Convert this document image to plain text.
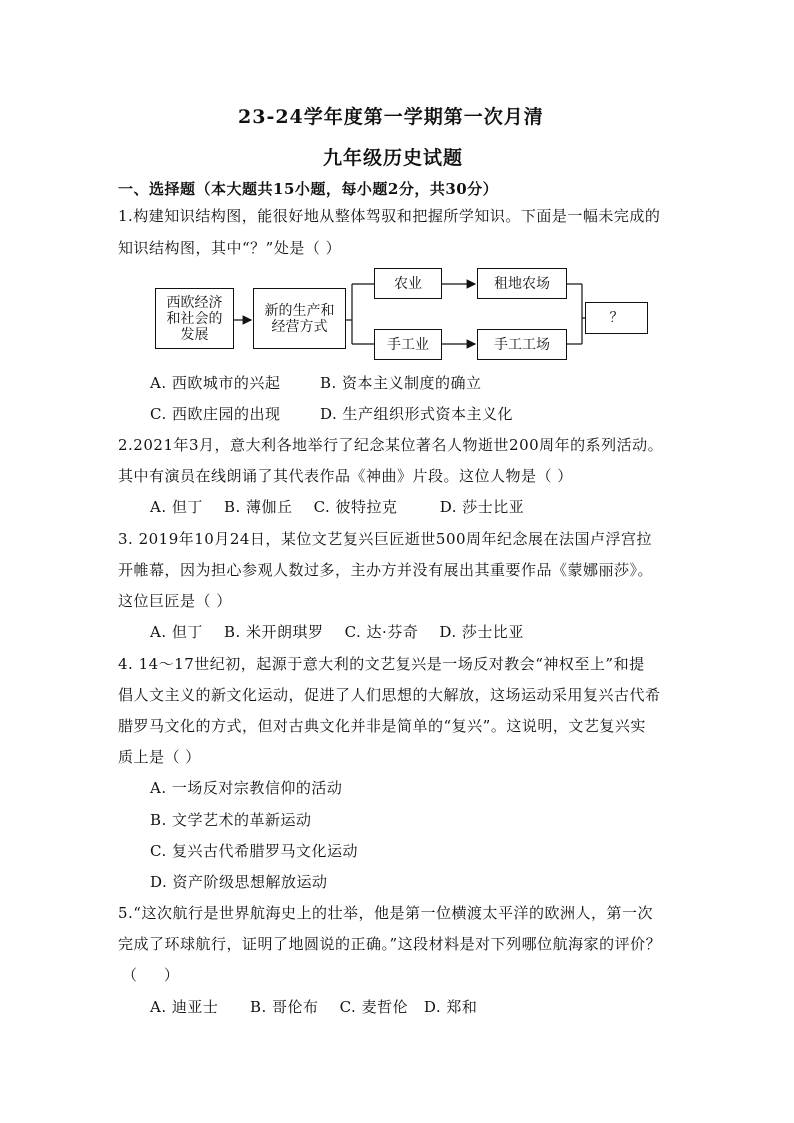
23-24学年度第一学期第一次月清
九年级历史试题
一、选择题（本大题共15小题，每小题2分，共30分）
1.构建知识结构图，能很好地从整体驾驭和把握所学知识。下面是一幅未完成的
知识结构图，其中“？”处是（ ）
西欧经济
和社会的
发展
新的生产和
经营方式
农业
手工业
租地农场
手工工场
？
A. 西欧城市的兴起	B. 资本主义制度的确立
C. 西欧庄园的出现	D. 生产组织形式资本主义化
2.2021年3月，意大利各地举行了纪念某位著名人物逝世200周年的系列活动。
其中有演员在线朗诵了其代表作品《神曲》片段。这位人物是（ ）
A. 但丁    B. 薄伽丘    C. 彼特拉克        D. 莎士比亚
3. 2019年10月24日，某位文艺复兴巨匠逝世500周年纪念展在法国卢浮宫拉
开帷幕，因为担心参观人数过多，主办方并没有展出其重要作品《蒙娜丽莎》。
这位巨匠是（ ）
A. 但丁    B. 米开朗琪罗    C. 达·芬奇    D. 莎士比亚
4. 14～17世纪初，起源于意大利的文艺复兴是一场反对教会“神权至上”和提
倡人文主义的新文化运动，促进了人们思想的大解放，这场运动采用复兴古代希
腊罗马文化的方式，但对古典文化并非是简单的“复兴”。这说明，文艺复兴实
质上是（ ）
A. 一场反对宗教信仰的活动
B. 文学艺术的革新运动
C. 复兴古代希腊罗马文化运动
D. 资产阶级思想解放运动
5.“这次航行是世界航海史上的壮举，他是第一位横渡太平洋的欧洲人，第一次
完成了环球航行，证明了地圆说的正确。”这段材料是对下列哪位航海家的评价？
（     ）
A. 迪亚士      B. 哥伦布    C. 麦哲伦   D. 郑和
